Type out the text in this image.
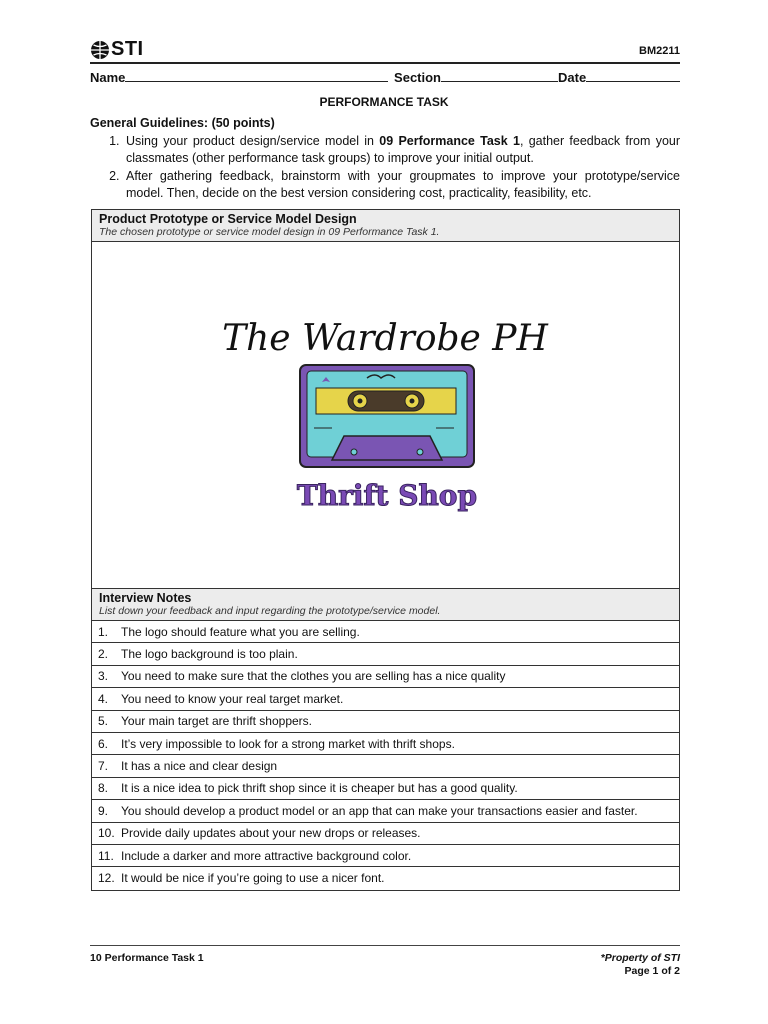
STI	BM2211
Name	Section	Date
PERFORMANCE TASK
General Guidelines: (50 points)
1. Using your product design/service model in 09 Performance Task 1, gather feedback from your classmates (other performance task groups) to improve your initial output.
2. After gathering feedback, brainstorm with your groupmates to improve your prototype/service model. Then, decide on the best version considering cost, practicality, feasibility, etc.
Product Prototype or Service Model Design
The chosen prototype or service model design in 09 Performance Task 1.
The Wardrobe PH
Thrift Shop
Interview Notes
List down your feedback and input regarding the prototype/service model.
1.	The logo should feature what you are selling.
2.	The logo background is too plain.
3.	You need to make sure that the clothes you are selling has a nice quality
4.	You need to know your real target market.
5.	Your main target are thrift shoppers.
6.	It’s very impossible to look for a strong market with thrift shops.
7.	It has a nice and clear design
8.	It is a nice idea to pick thrift shop since it is cheaper but has a good quality.
9.	You should develop a product model or an app that can make your transactions easier and faster.
10. Provide daily updates about your new drops or releases.
11. Include a darker and more attractive background color.
12. It would be nice if you’re going to use a nicer font.
10 Performance Task 1	*Property of STI
Page 1 of 2
